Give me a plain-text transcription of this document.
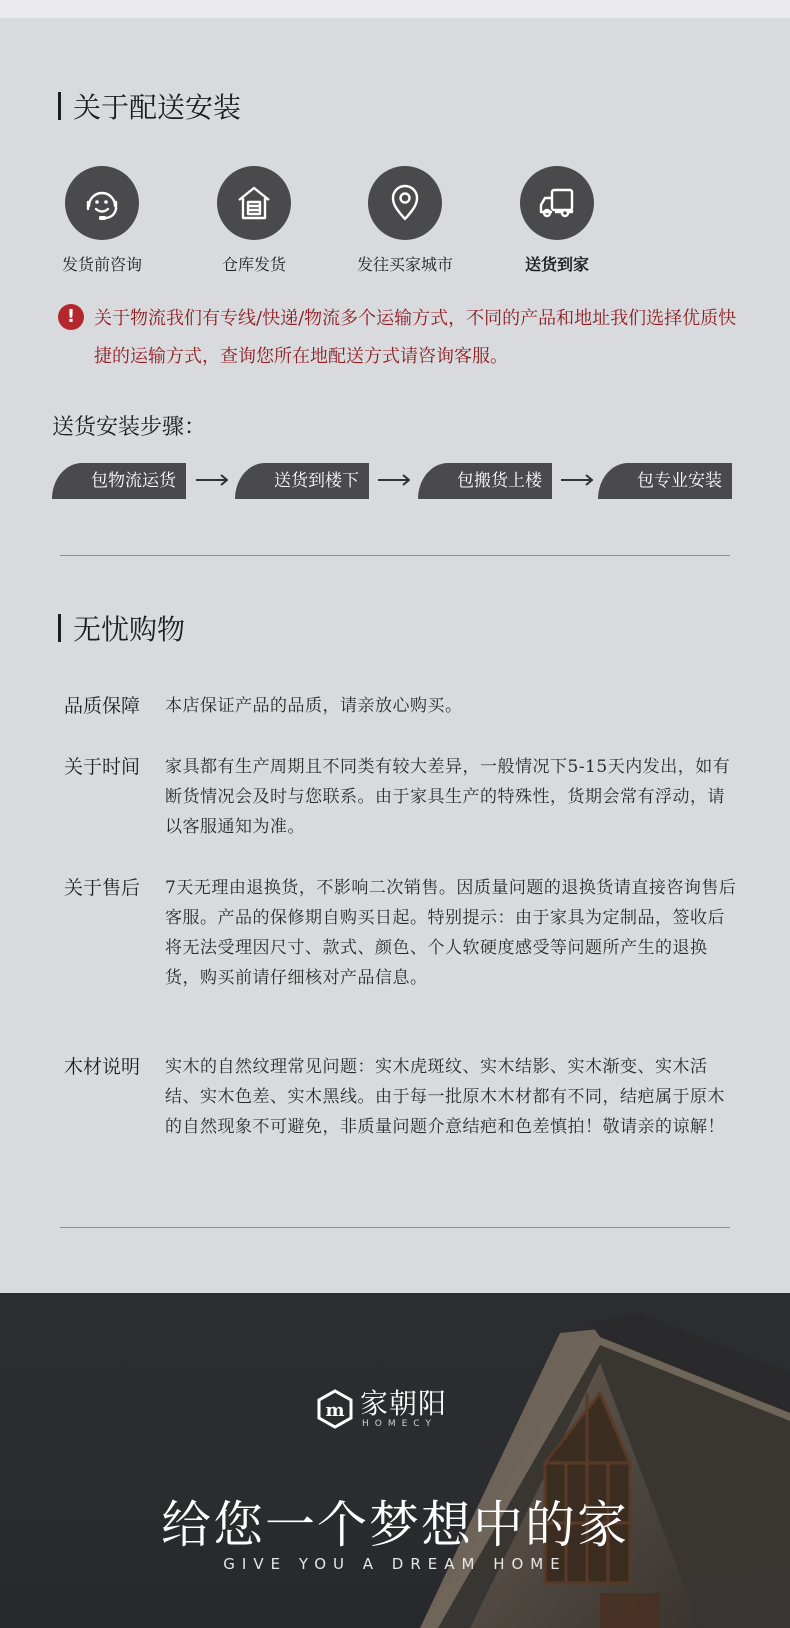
关于配送安装
发货前咨询	仓库发货	发往买家城市	送货到家
!	关于物流我们有专线/快递/物流多个运输方式，不同的产品和地址我们选择优质快捷的运输方式，查询您所在地配送方式请咨询客服。
送货安装步骤：
包物流运货	送货到楼下	包搬货上楼	包专业安装
无忧购物
品质保障 本店保证产品的品质，请亲放心购买。
关于时间 家具都有生产周期且不同类有较大差异，一般情况下5-15天内发出，如有断货情况会及时与您联系。由于家具生产的特殊性，货期会常有浮动，请以客服通知为准。
关于售后 7天无理由退换货，不影响二次销售。因质量问题的退换货请直接咨询售后客服。产品的保修期自购买日起。特别提示：由于家具为定制品，签收后将无法受理因尺寸、款式、颜色、个人软硬度感受等问题所产生的退换货，购买前请仔细核对产品信息。
木材说明 实木的自然纹理常见问题：实木虎斑纹、实木结影、实木渐变、实木活结、实木色差、实木黑线。由于每一批原木木材都有不同，结疤属于原木的自然现象不可避免，非质量问题介意结疤和色差慎拍！敬请亲的谅解！
m 家朝阳
HOMECY
给您一个梦想中的家
GIVE YOU A DREAM HOME
